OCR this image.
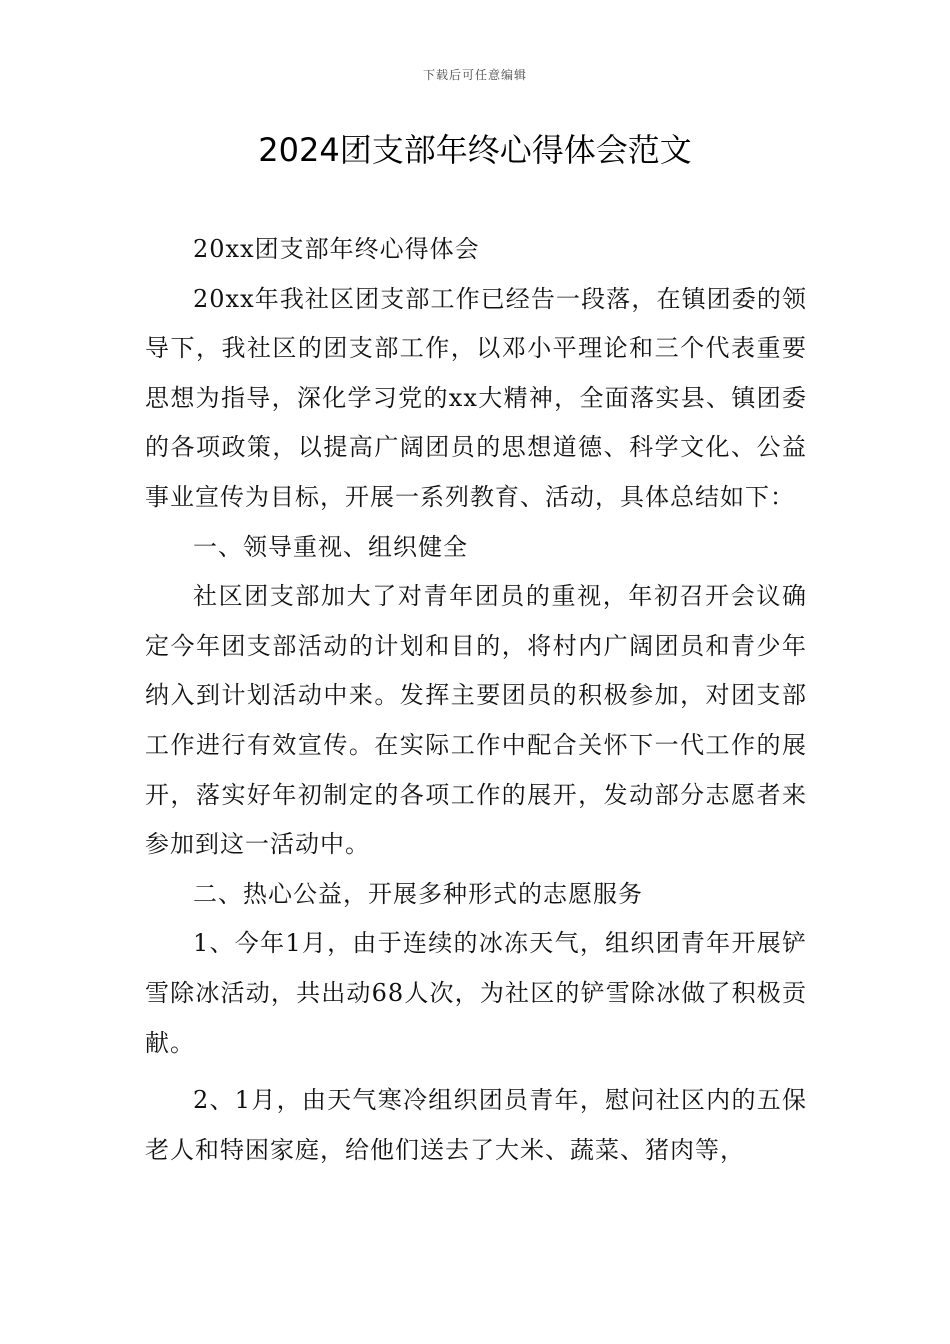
下载后可任意编辑
2024团支部年终心得体会范文

20xx团支部年终心得体会

20xx年我社区团支部工作已经告一段落，在镇团委的领导下，我社区的团支部工作，以邓小平理论和三个代表重要思想为指导，深化学习党的xx大精神，全面落实县、镇团委的各项政策，以提高广阔团员的思想道德、科学文化、公益事业宣传为目标，开展一系列教育、活动，具体总结如下：

一、领导重视、组织健全

社区团支部加大了对青年团员的重视，年初召开会议确定今年团支部活动的计划和目的，将村内广阔团员和青少年纳入到计划活动中来。发挥主要团员的积极参加，对团支部工作进行有效宣传。在实际工作中配合关怀下一代工作的展开，落实好年初制定的各项工作的展开，发动部分志愿者来参加到这一活动中。

二、热心公益，开展多种形式的志愿服务

1、今年1月，由于连续的冰冻天气，组织团青年开展铲雪除冰活动，共出动68人次，为社区的铲雪除冰做了积极贡献。

2、1月，由天气寒冷组织团员青年，慰问社区内的五保老人和特困家庭，给他们送去了大米、蔬菜、猪肉等，
